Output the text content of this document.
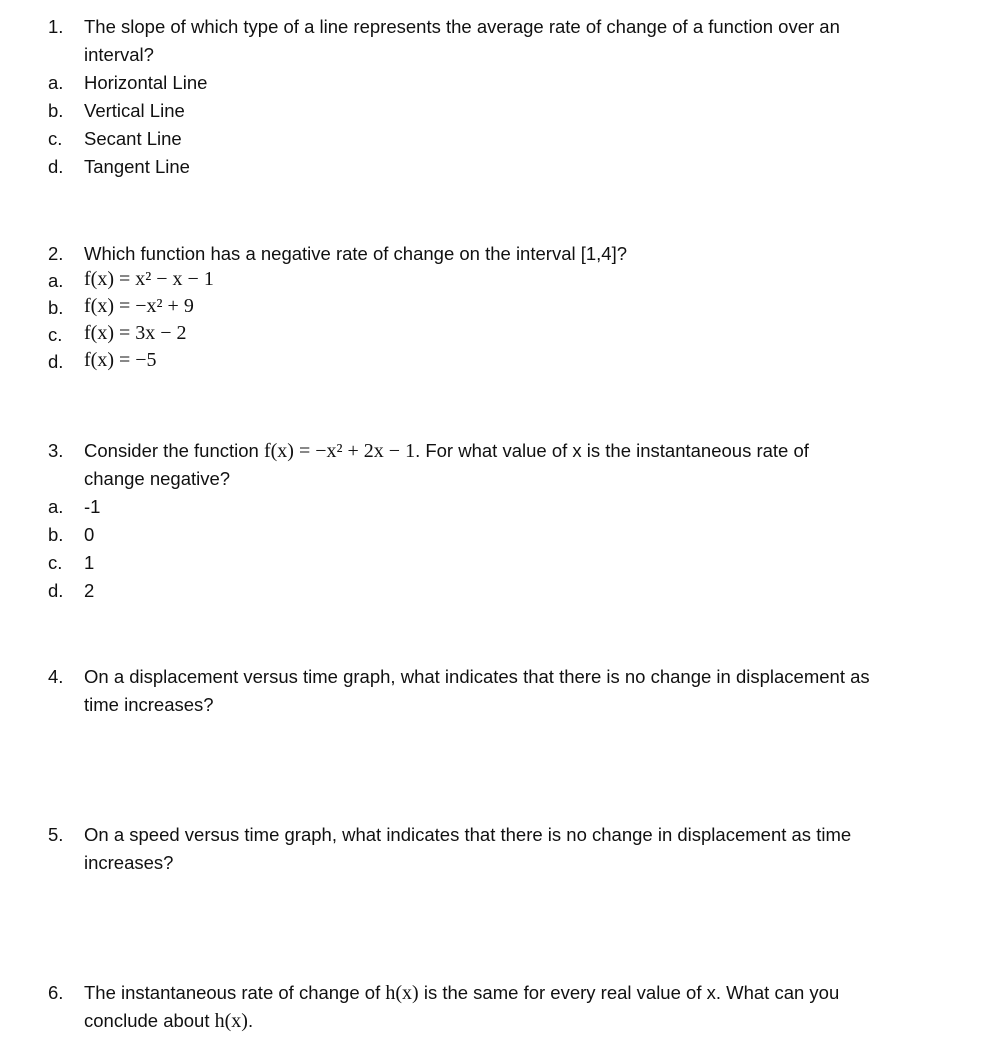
1. The slope of which type of a line represents the average rate of change of a function over an
interval?
a. Horizontal Line
b. Vertical Line
c. Secant Line
d. Tangent Line
2. Which function has a negative rate of change on the interval [1,4]?
a. f(x) = x² − x − 1
b. f(x) = −x² + 9
c. f(x) = 3x − 2
d. f(x) = −5
3. Consider the function f(x) = −x² + 2x − 1. For what value of x is the instantaneous rate of
change negative?
a. -1
b. 0
c. 1
d. 2
4. On a displacement versus time graph, what indicates that there is no change in displacement as
time increases?
5. On a speed versus time graph, what indicates that there is no change in displacement as time
increases?
6. The instantaneous rate of change of h(x) is the same for every real value of x. What can you
conclude about h(x).
